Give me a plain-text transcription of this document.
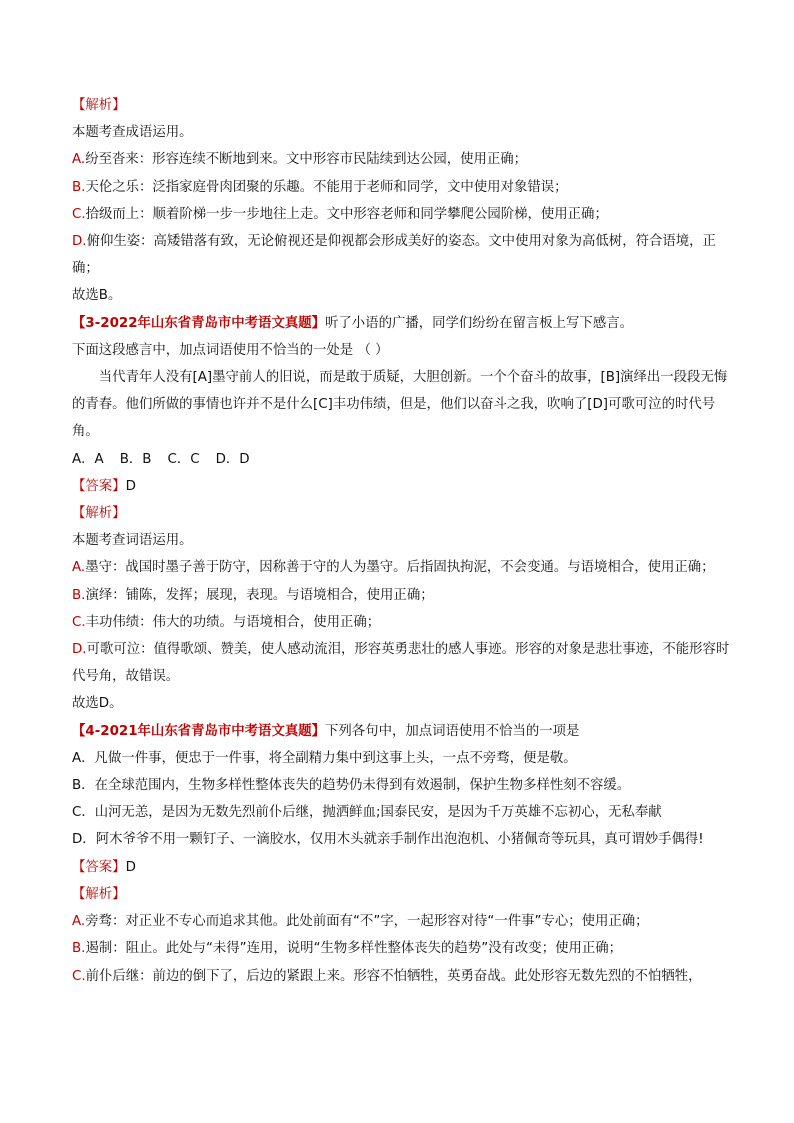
【解析】

本题考查成语运用。

A.纷至沓来：形容连续不断地到来。文中形容市民陆续到达公园，使用正确；

B.天伦之乐：泛指家庭骨肉团聚的乐趣。不能用于老师和同学，文中使用对象错误；

C.拾级而上：顺着阶梯一步一步地往上走。文中形容老师和同学攀爬公园阶梯，使用正确；

D.俯仰生姿：高矮错落有致，无论俯视还是仰视都会形成美好的姿态。文中使用对象为高低树，符合语境，正确；

故选B。

【3-2022年山东省青岛市中考语文真题】听了小语的广播，同学们纷纷在留言板上写下感言。

下面这段感言中，加点词语使用不恰当的一处是 （ ）

当代青年人没有[A]墨守前人的旧说，而是敢于质疑，大胆创新。一个个奋斗的故事，[B]演绎出一段段无悔的青春。他们所做的事情也许并不是什么[C]丰功伟绩，但是，他们以奋斗之我，吹响了[D]可歌可泣的时代号角。

A．A B．B C．C D．D

【答案】D

【解析】

本题考查词语运用。

A.墨守：战国时墨子善于防守，因称善于守的人为墨守。后指固执拘泥，不会变通。与语境相合，使用正确；

B.演绎：铺陈，发挥；展现，表现。与语境相合，使用正确；

C.丰功伟绩：伟大的功绩。与语境相合，使用正确；

D.可歌可泣：值得歌颂、赞美，使人感动流泪，形容英勇悲壮的感人事迹。形容的对象是悲壮事迹，不能形容时代号角，故错误。

故选D。

【4-2021年山东省青岛市中考语文真题】下列各句中，加点词语使用不恰当的一项是

A．凡做一件事，便忠于一件事，将全副精力集中到这事上头，一点不旁骛，便是敬。

B．在全球范围内，生物多样性整体丧失的趋势仍未得到有效遏制，保护生物多样性刻不容缓。

C．山河无恙，是因为无数先烈前仆后继，抛洒鲜血;国泰民安，是因为千万英雄不忘初心，无私奉献

D．阿木爷爷不用一颗钉子、一滴胶水，仅用木头就亲手制作出泡泡机、小猪佩奇等玩具，真可谓妙手偶得!

【答案】D

【解析】

A.旁骛：对正业不专心而追求其他。此处前面有“不”字，一起形容对待“一件事”专心；使用正确；

B.遏制：阻止。此处与“未得”连用，说明“生物多样性整体丧失的趋势”没有改变；使用正确；

C.前仆后继：前边的倒下了，后边的紧跟上来。形容不怕牺牲，英勇奋战。此处形容无数先烈的不怕牺牲，
